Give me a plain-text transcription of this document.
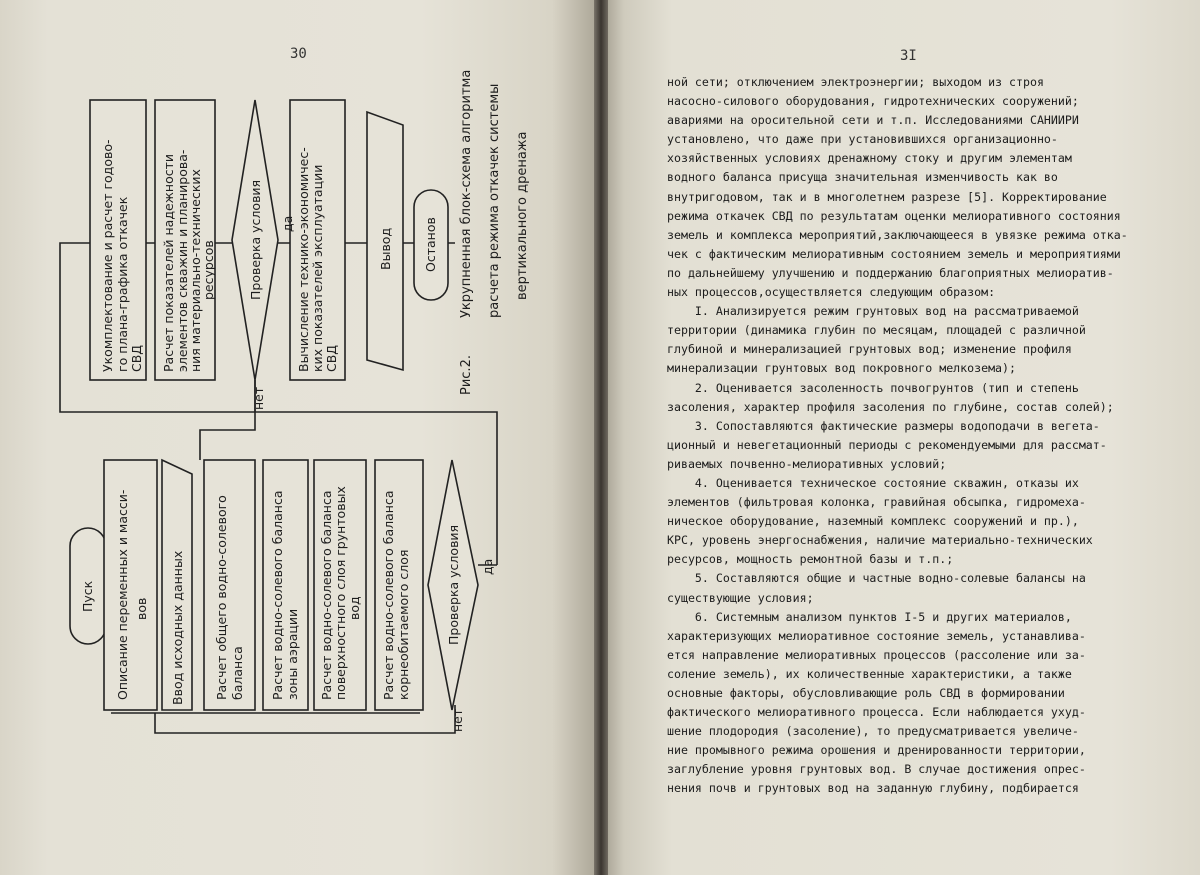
30
Пуск Описание переменных и масси- вов Ввод исходных данных Расчет общего водно-солевого баланса Расчет водно-солевого баланса зоны аэрации Расчет водно-солевого баланса поверхностного слоя грунтовых вод Расчет водно-солевого баланса корнеобитаемого слоя	Проверка условия да
нет
Укомплектование и расчет годово- го плана-графика откачек СВД Расчет показателей надежности элементов скважин и планирова-
ния материально-технических
ресурсов	Проверка условия да
нет
Вычисление технико-экономичес- ких показателей эксплуатации СВД
Вывод Останов
Рис.2.
Укрупненная блок-схема алгоритма расчета режима откачек системы вертикального дренажа
3I
ной сети; отключением электроэнергии; выходом из строя
насосно-силового оборудования, гидротехнических сооружений;
авариями на оросительной сети и т.п. Исследованиями САНИИРИ
установлено, что даже при установившихся организационно-
хозяйственных условиях дренажному стоку и другим элементам
водного баланса присуща значительная изменчивость как во
внутригодовом, так и в многолетнем разрезе [5]. Корректирование
режима откачек СВД по результатам оценки мелиоративного состояния
земель и комплекса мероприятий,заключающееся в увязке режима отка-
чек с фактическим мелиоративным состоянием земель и мероприятиями
по дальнейшему улучшению и поддержанию благоприятных мелиоратив-
ных процессов,осуществляется следующим образом:
I. Анализируется режим грунтовых вод на рассматриваемой
территории (динамика глубин по месяцам, площадей с различной
глубиной и минерализацией грунтовых вод; изменение профиля
минерализации грунтовых вод покровного мелкозема);
2. Оценивается засоленность почвогрунтов (тип и степень
засоления, характер профиля засоления по глубине, состав солей);
3. Сопоставляются фактические размеры водоподачи в вегета-
ционный и невегетационный периоды с рекомендуемыми для рассмат-
риваемых почвенно-мелиоративных условий;
4. Оценивается техническое состояние скважин, отказы их
элементов (фильтровая колонка, гравийная обсыпка, гидромеха-
ническое оборудование, наземный комплекс сооружений и пр.),
КРС, уровень энергоснабжения, наличие материально-технических
ресурсов, мощность ремонтной базы и т.п.;
5. Составляются общие и частные водно-солевые балансы на
существующие условия;
6. Системным анализом пунктов I-5 и других материалов,
характеризующих мелиоративное состояние земель, устанавлива-
ется направление мелиоративных процессов (рассоление или за-
соление земель), их количественные характеристики, а также
основные факторы, обусловливающие роль СВД в формировании
фактического мелиоративного процесса. Если наблюдается ухуд-
шение плодородия (засоление), то предусматривается увеличе-
ние промывного режима орошения и дренированности территории,
заглубление уровня грунтовых вод. В случае достижения опрес-
нения почв и грунтовых вод на заданную глубину, подбирается
